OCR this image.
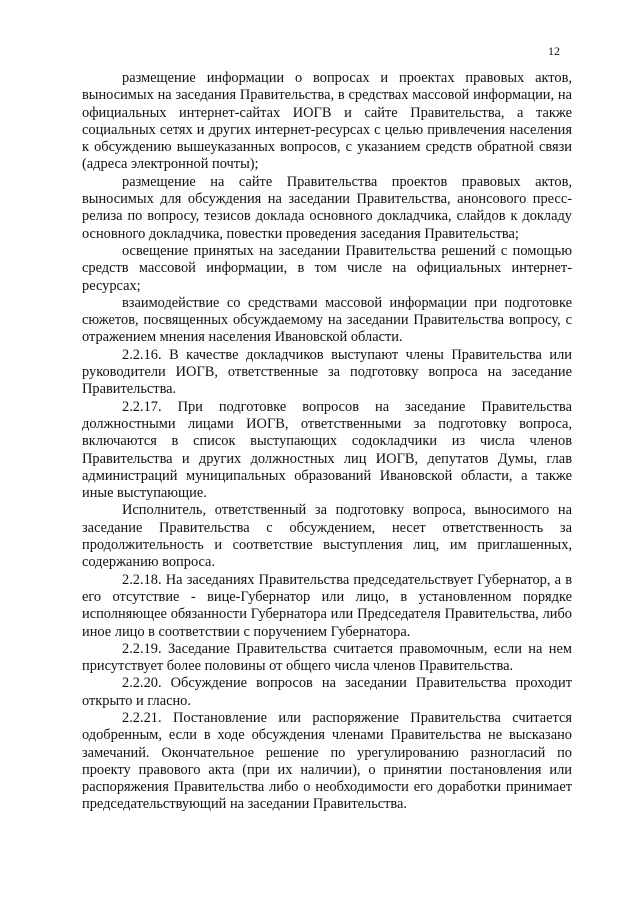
12

размещение информации о вопросах и проектах правовых актов, выносимых на заседания Правительства, в средствах массовой информации, на официальных интернет-сайтах ИОГВ и сайте Правительства, а также социальных сетях и других интернет-ресурсах с целью привлечения населения к обсуждению вышеуказанных вопросов, с указанием средств обратной связи (адреса электронной почты);

размещение на сайте Правительства проектов правовых актов, выносимых для обсуждения на заседании Правительства, анонсового пресс-релиза по вопросу, тезисов доклада основного докладчика, слайдов к докладу основного докладчика, повестки проведения заседания Правительства;

освещение принятых на заседании Правительства решений с помощью средств массовой информации, в том числе на официальных интернет-ресурсах;

взаимодействие со средствами массовой информации при подготовке сюжетов, посвященных обсуждаемому на заседании Правительства вопросу, с отражением мнения населения Ивановской области.

2.2.16. В качестве докладчиков выступают члены Правительства или руководители ИОГВ, ответственные за подготовку вопроса на заседание Правительства.

2.2.17. При подготовке вопросов на заседание Правительства должностными лицами ИОГВ, ответственными за подготовку вопроса, включаются в список выступающих содокладчики из числа членов Правительства и других должностных лиц ИОГВ, депутатов Думы, глав администраций муниципальных образований Ивановской области, а также иные выступающие.

Исполнитель, ответственный за подготовку вопроса, выносимого на заседание Правительства с обсуждением, несет ответственность за продолжительность и соответствие выступления лиц, им приглашенных, содержанию вопроса.

2.2.18. На заседаниях Правительства председательствует Губернатор, а в его отсутствие - вице-Губернатор или лицо, в установленном порядке исполняющее обязанности Губернатора или Председателя Правительства, либо иное лицо в соответствии с поручением Губернатора.

2.2.19. Заседание Правительства считается правомочным, если на нем присутствует более половины от общего числа членов Правительства.

2.2.20. Обсуждение вопросов на заседании Правительства проходит открыто и гласно.

2.2.21. Постановление или распоряжение Правительства считается одобренным, если в ходе обсуждения членами Правительства не высказано замечаний. Окончательное решение по урегулированию разногласий по проекту правового акта (при их наличии), о принятии постановления или распоряжения Правительства либо о необходимости его доработки принимает председательствующий на заседании Правительства.
